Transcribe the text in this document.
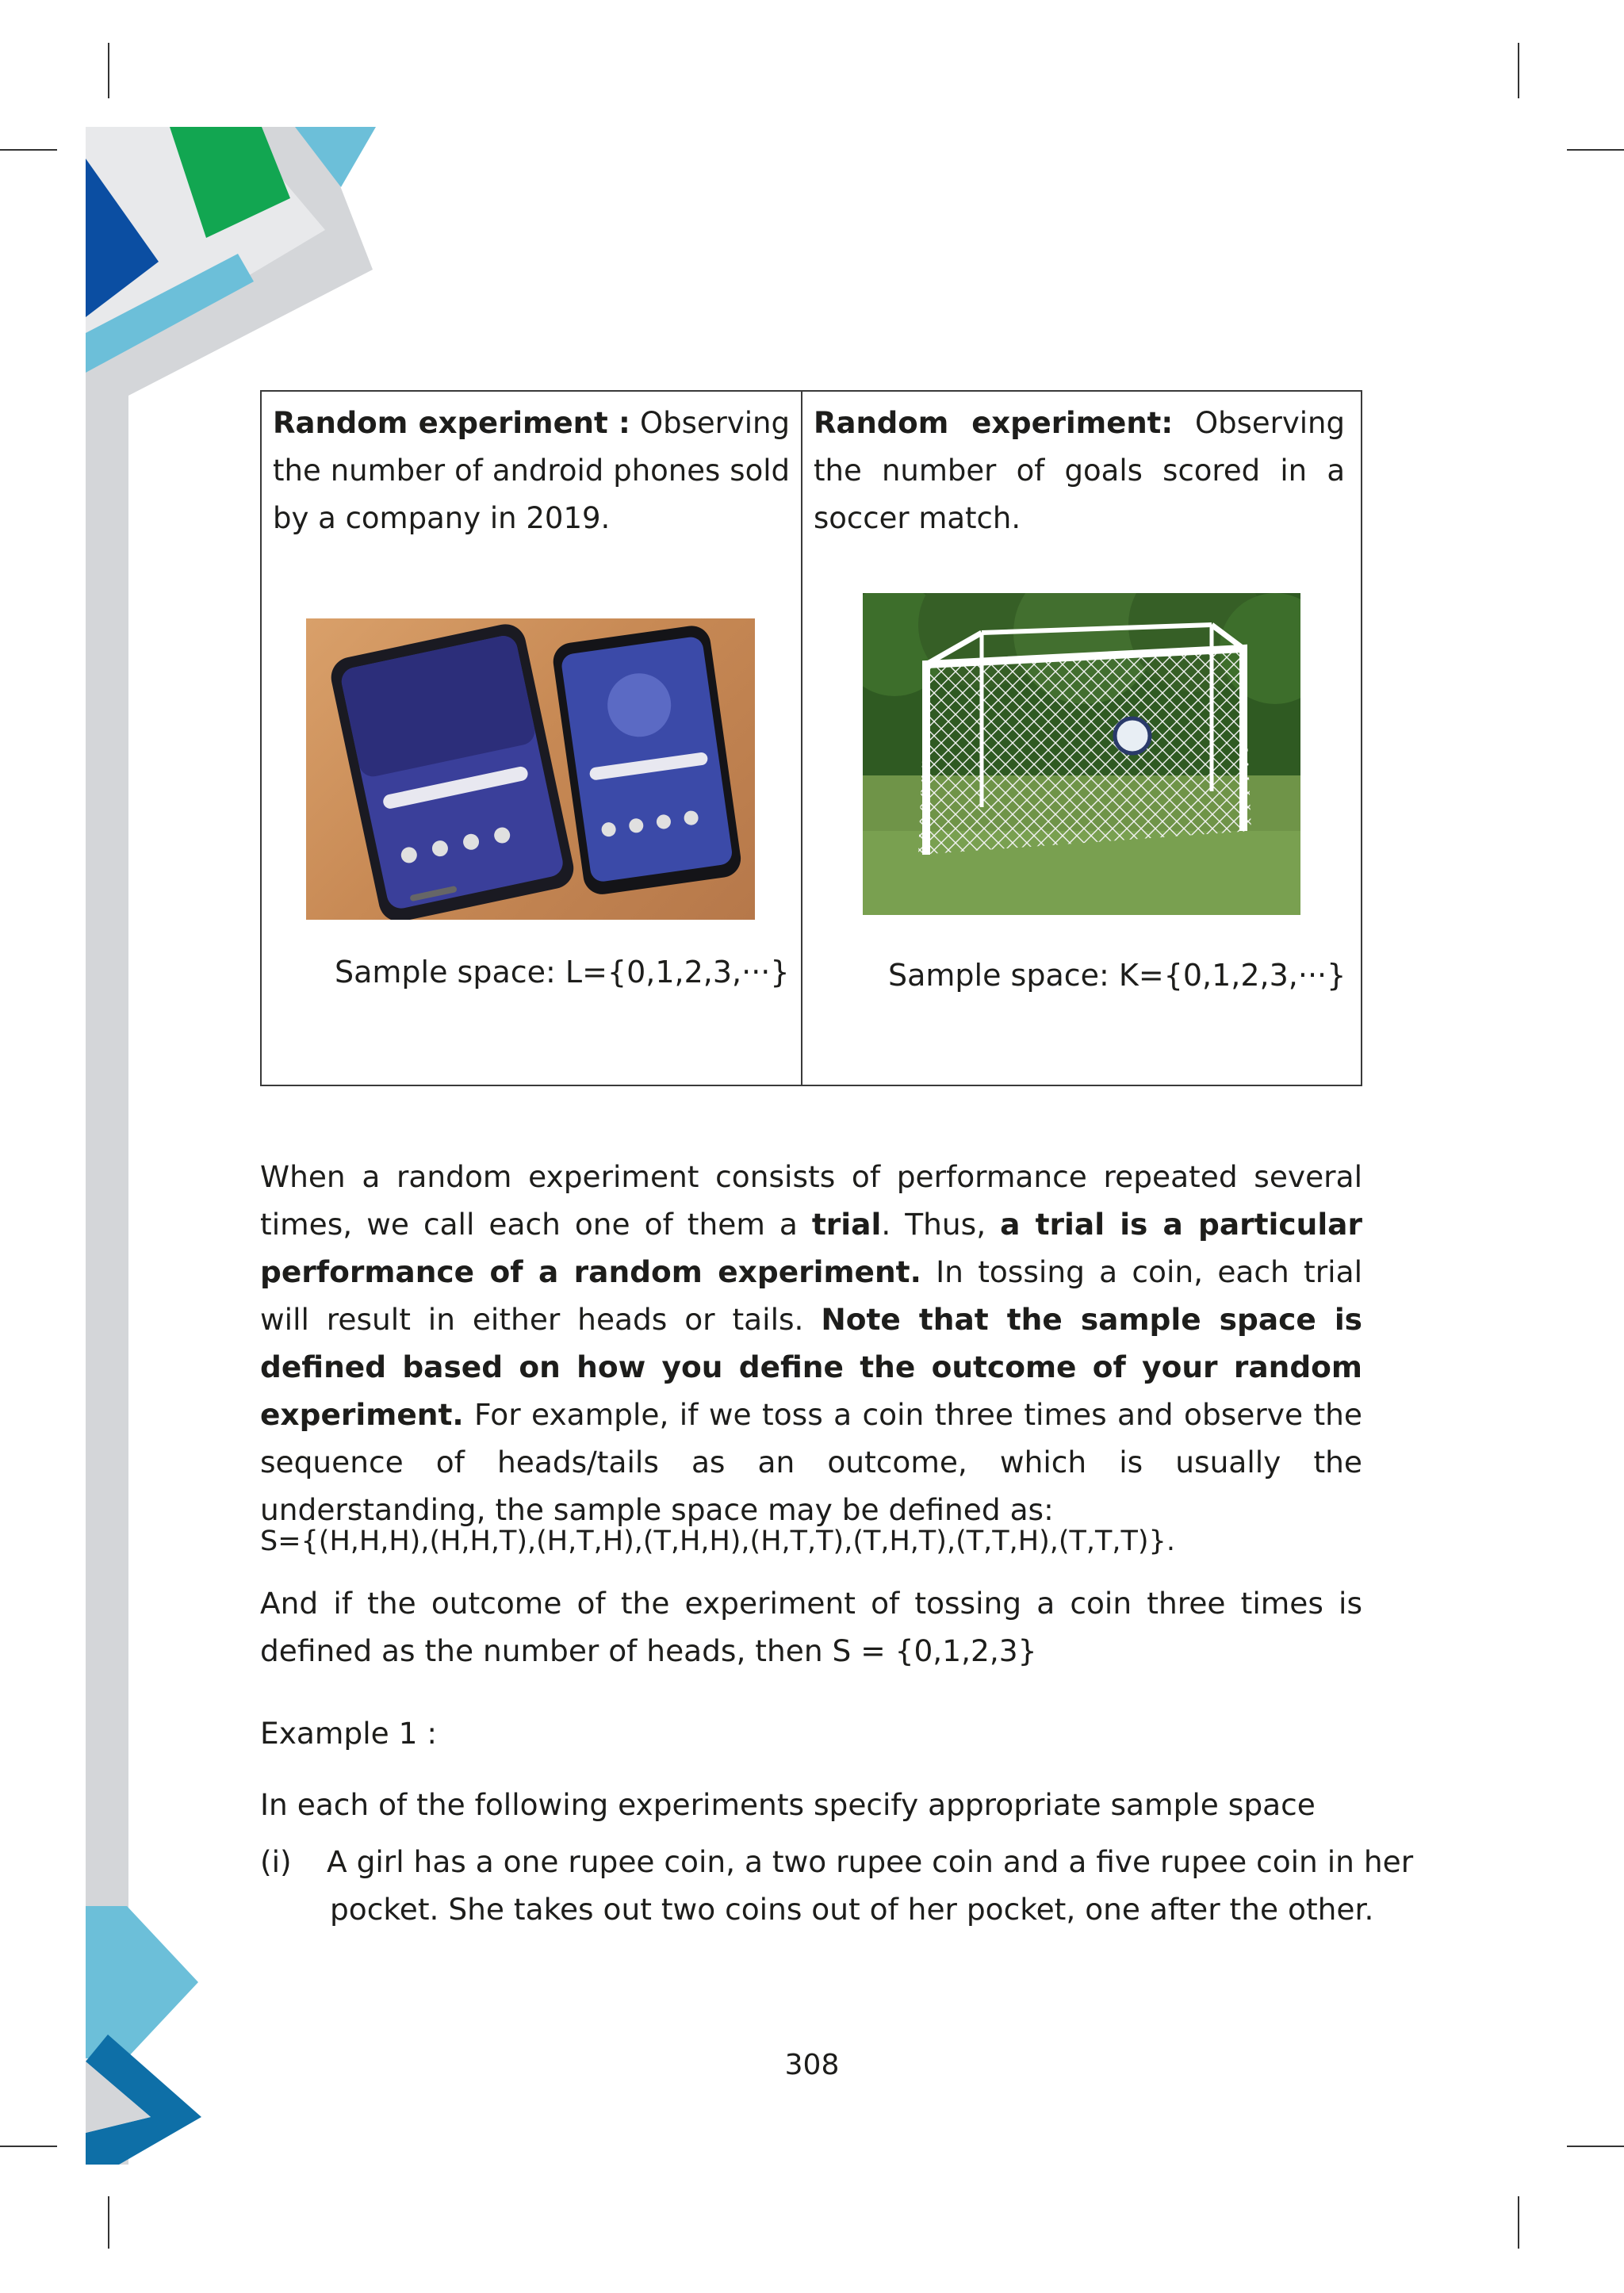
Random experiment : Observing the number of android phones sold by a company in 2019.
Random experiment: Observing the number of goals scored in a soccer match.
Sample space: L={0,1,2,3,···}	Sample space: K={0,1,2,3,···}
When a random experiment consists of performance repeated several times, we call each one of them a trial. Thus, a trial is a particular performance of a random experiment. In tossing a coin, each trial will result in either heads or tails. Note that the sample space is defined based on how you define the outcome of your random experiment. For example, if we toss a coin three times and observe the sequence of heads/tails as an outcome, which is usually the understanding, the sample space may be defined as:
S={(H,H,H),(H,H,T),(H,T,H),(T,H,H),(H,T,T),(T,H,T),(T,T,H),(T,T,T)}.
And if the outcome of the experiment of tossing a coin three times is defined as the number of heads, then S = {0,1,2,3}
Example 1 :
In each of the following experiments specify appropriate sample space
(i) A girl has a one rupee coin, a two rupee coin and a five rupee coin in her
pocket. She takes out two coins out of her pocket, one after the other.
308
